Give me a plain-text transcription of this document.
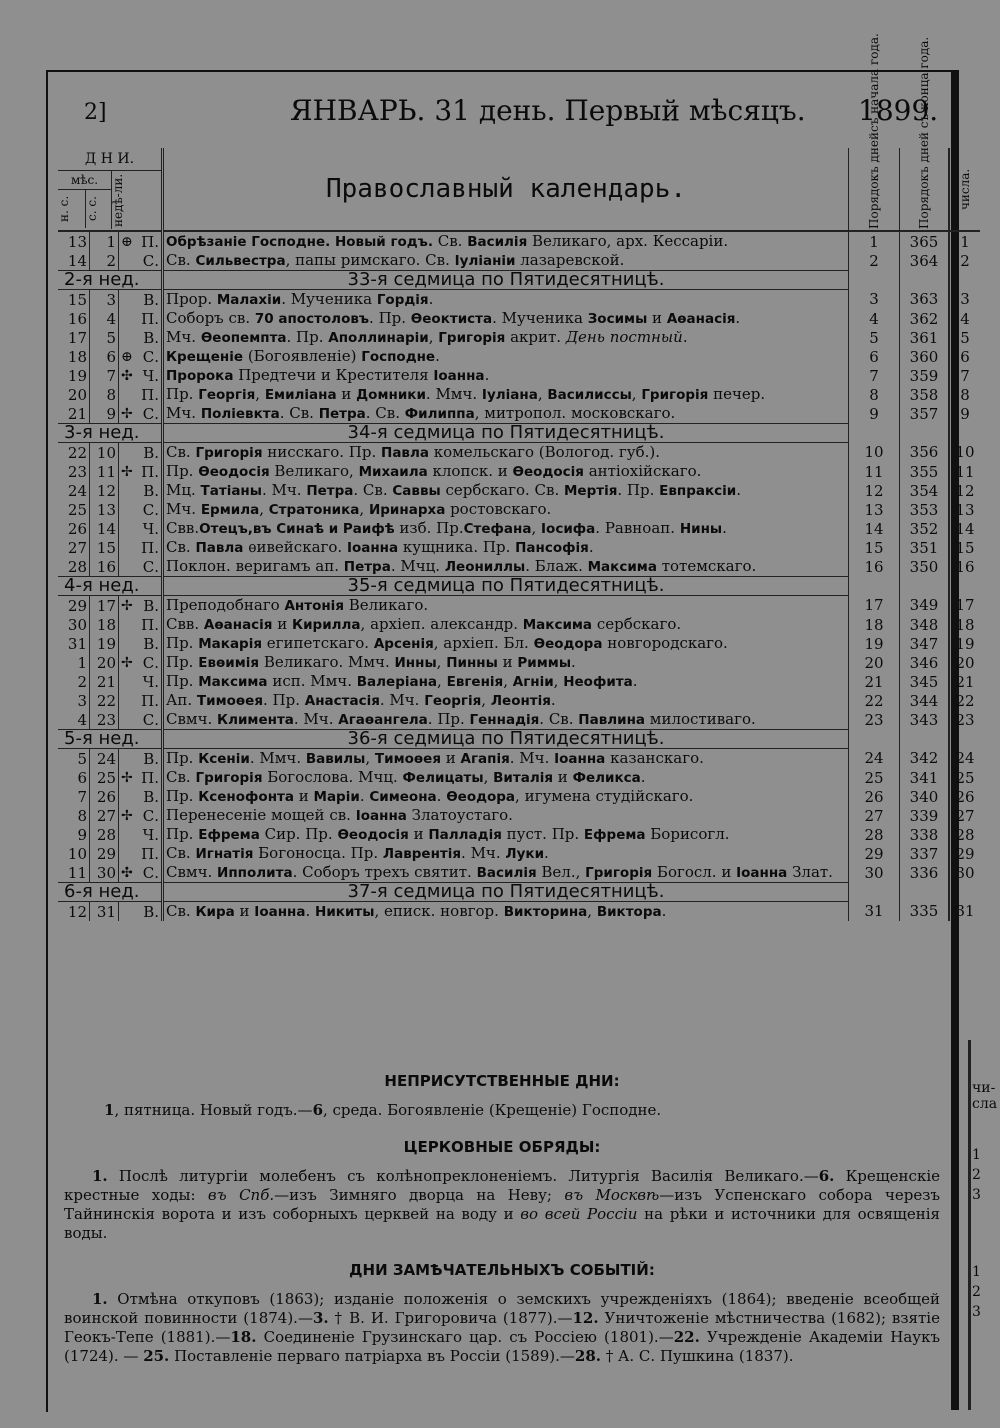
2]	ЯНВАРЬ. 31 день. Первый мѣсяцъ. 1899.
Д Н И.
мѣс.
н. с. с. с. недѣ-ли.			Православный календарь.	Порядокъ днейсъ начала года.	Порядокъ дней съ конца года.	числа.

13	1	⊕ П.	Обрѣзаніе Господне. Новый годъ. Св. Василія Великаго, арх. Кессаріи.	1	365	1
14	2	С.	Св. Сильвестра, папы римскаго. Св. Іуліаніи лазаревской.	2	364	2
2-я нед.			33-я седмица по Пятидесятницѣ.			
15	3	В.	Прор. Малахіи. Мученика Гордія.	3	363	3
16	4	П.	Соборъ св. 70 апостоловъ. Пр. Ѳеоктиста. Мученика Зосимы и Аѳанасія.	4	362	4
17	5	В.	Мч. Ѳеопемпта. Пр. Аполлинаріи, Григорія акрит. День постный.	5	361	5
18	6	⊕ С.	Крещеніе (Богоявленіе) Господне.	6	360	6
19	7	✣ Ч.	Пророка Предтечи и Крестителя Іоанна.	7	359	7
20	8	П.	Пр. Георгія, Емиліана и Домники. Ммч. Іуліана, Василиссы, Григорія печер.	8	358	8
21	9	✢ С.	Мч. Поліевкта. Св. Петра. Св. Филиппа, митропол. московскаго.	9	357	9
3-я нед.			34-я седмица по Пятидесятницѣ.			
22	10	В.	Св. Григорія нисскаго. Пр. Павла комельскаго (Вологод. губ.).	10	356	10
23	11	✢ П.	Пр. Ѳеодосія Великаго, Михаила клопск. и Ѳеодосія антіохійскаго.	11	355	11
24	12	В.	Мц. Татіаны. Мч. Петра. Св. Саввы сербскаго. Св. Мертія. Пр. Евпраксіи.	12	354	12
25	13	С.	Мч. Ермила, Стратоника, Иринарха ростовскаго.	13	353	13
26	14	Ч.	Свв.Отецъ,въ Синаѣ и Раифѣ изб. Пр.Стефана, Іосифа. Равноап. Нины.	14	352	14
27	15	П.	Св. Павла ѳивейскаго. Іоанна кущника. Пр. Пансофія.	15	351	15
28	16	С.	Поклон. веригамъ ап. Петра. Мчц. Леониллы. Блаж. Максима тотемскаго.	16	350	16
4-я нед.			35-я седмица по Пятидесятницѣ.			
29	17	✢ В.	Преподобнаго Антонія Великаго.	17	349	17
30	18	П.	Свв. Аѳанасія и Кирилла, архіеп. александр. Максима сербскаго.	18	348	18
31	19	В.	Пр. Макарія египетскаго. Арсенія, архіеп. Бл. Ѳеодора новгородскаго.	19	347	19
1	20	✢ С.	Пр. Евѳимія Великаго. Ммч. Инны, Пинны и Риммы.	20	346	20
2	21	Ч.	Пр. Максима исп. Ммч. Валеріана, Евгенія, Агніи, Неофита.	21	345	21
3	22	П.	Ап. Тимоѳея. Пр. Анастасія. Мч. Георгія, Леонтія.	22	344	22
4	23	С.	Свмч. Климента. Мч. Агаѳангела. Пр. Геннадія. Св. Павлина милостиваго.	23	343	23
5-я нед.			36-я седмица по Пятидесятницѣ.			
5	24	В.	Пр. Ксеніи. Ммч. Вавилы, Тимоѳея и Агапія. Мч. Іоанна казанскаго.	24	342	24
6	25	✢ П.	Св. Григорія Богослова. Мчц. Фелицаты, Виталія и Феликса.	25	341	25
7	26	В.	Пр. Ксенофонта и Маріи. Симеона. Ѳеодора, игумена студійскаго.	26	340	26
8	27	✢ С.	Перенесеніе мощей св. Іоанна Златоустаго.	27	339	27
9	28	Ч.	Пр. Ефрема Сир. Пр. Ѳеодосія и Палладія пуст. Пр. Ефрема Борисогл.	28	338	28
10	29	П.	Св. Игнатія Богоносца. Пр. Лаврентія. Мч. Луки.	29	337	29
11	30	✣ С.	Свмч. Ипполита. Соборъ трехъ святит. Василія Вел., Григорія Богосл. и Іоанна Злат.	30	336	30
6-я нед.			37-я седмица по Пятидесятницѣ.			
12	31	В.	Св. Кира и Іоанна. Никиты, еписк. новгор. Викторина, Виктора.	31	335	31
НЕПРИСУТСТВЕННЫЕ ДНИ:
1, пятница. Новый годъ.—6, среда. Богоявленіе (Крещеніе) Господне.
ЦЕРКОВНЫЕ ОБРЯДЫ:
1. Послѣ литургіи молебенъ съ колѣнопреклоненіемъ. Литургія Василія Великаго.—6. Крещенскіе крестные ходы: въ Спб.—изъ Зимняго дворца на Неву; въ Москвѣ—изъ Успенскаго собора черезъ Тайнинскія ворота и изъ соборныхъ церквей на воду и во всей Россіи на рѣки и источники для освященія воды.
ДНИ ЗАМѢЧАТЕЛЬНЫХЪ СОБЫТІЙ:
1. Отмѣна откуповъ (1863); изданіе положенія о земскихъ учрежденіяхъ (1864); введеніе всеобщей воинской повинности (1874).—3. † В. И. Григоровича (1877).—12. Уничтоженіе мѣстничества (1682); взятіе Геокъ-Тепе (1881).—18. Соединеніе Грузинскаго цар. съ Россіею (1801).—22. Учрежденіе Академіи Наукъ (1724). — 25. Поставленіе перваго патріарха въ Россіи (1589).—28. † А. С. Пушкина (1837).
чи-сла
1 2 3
1 2 3
